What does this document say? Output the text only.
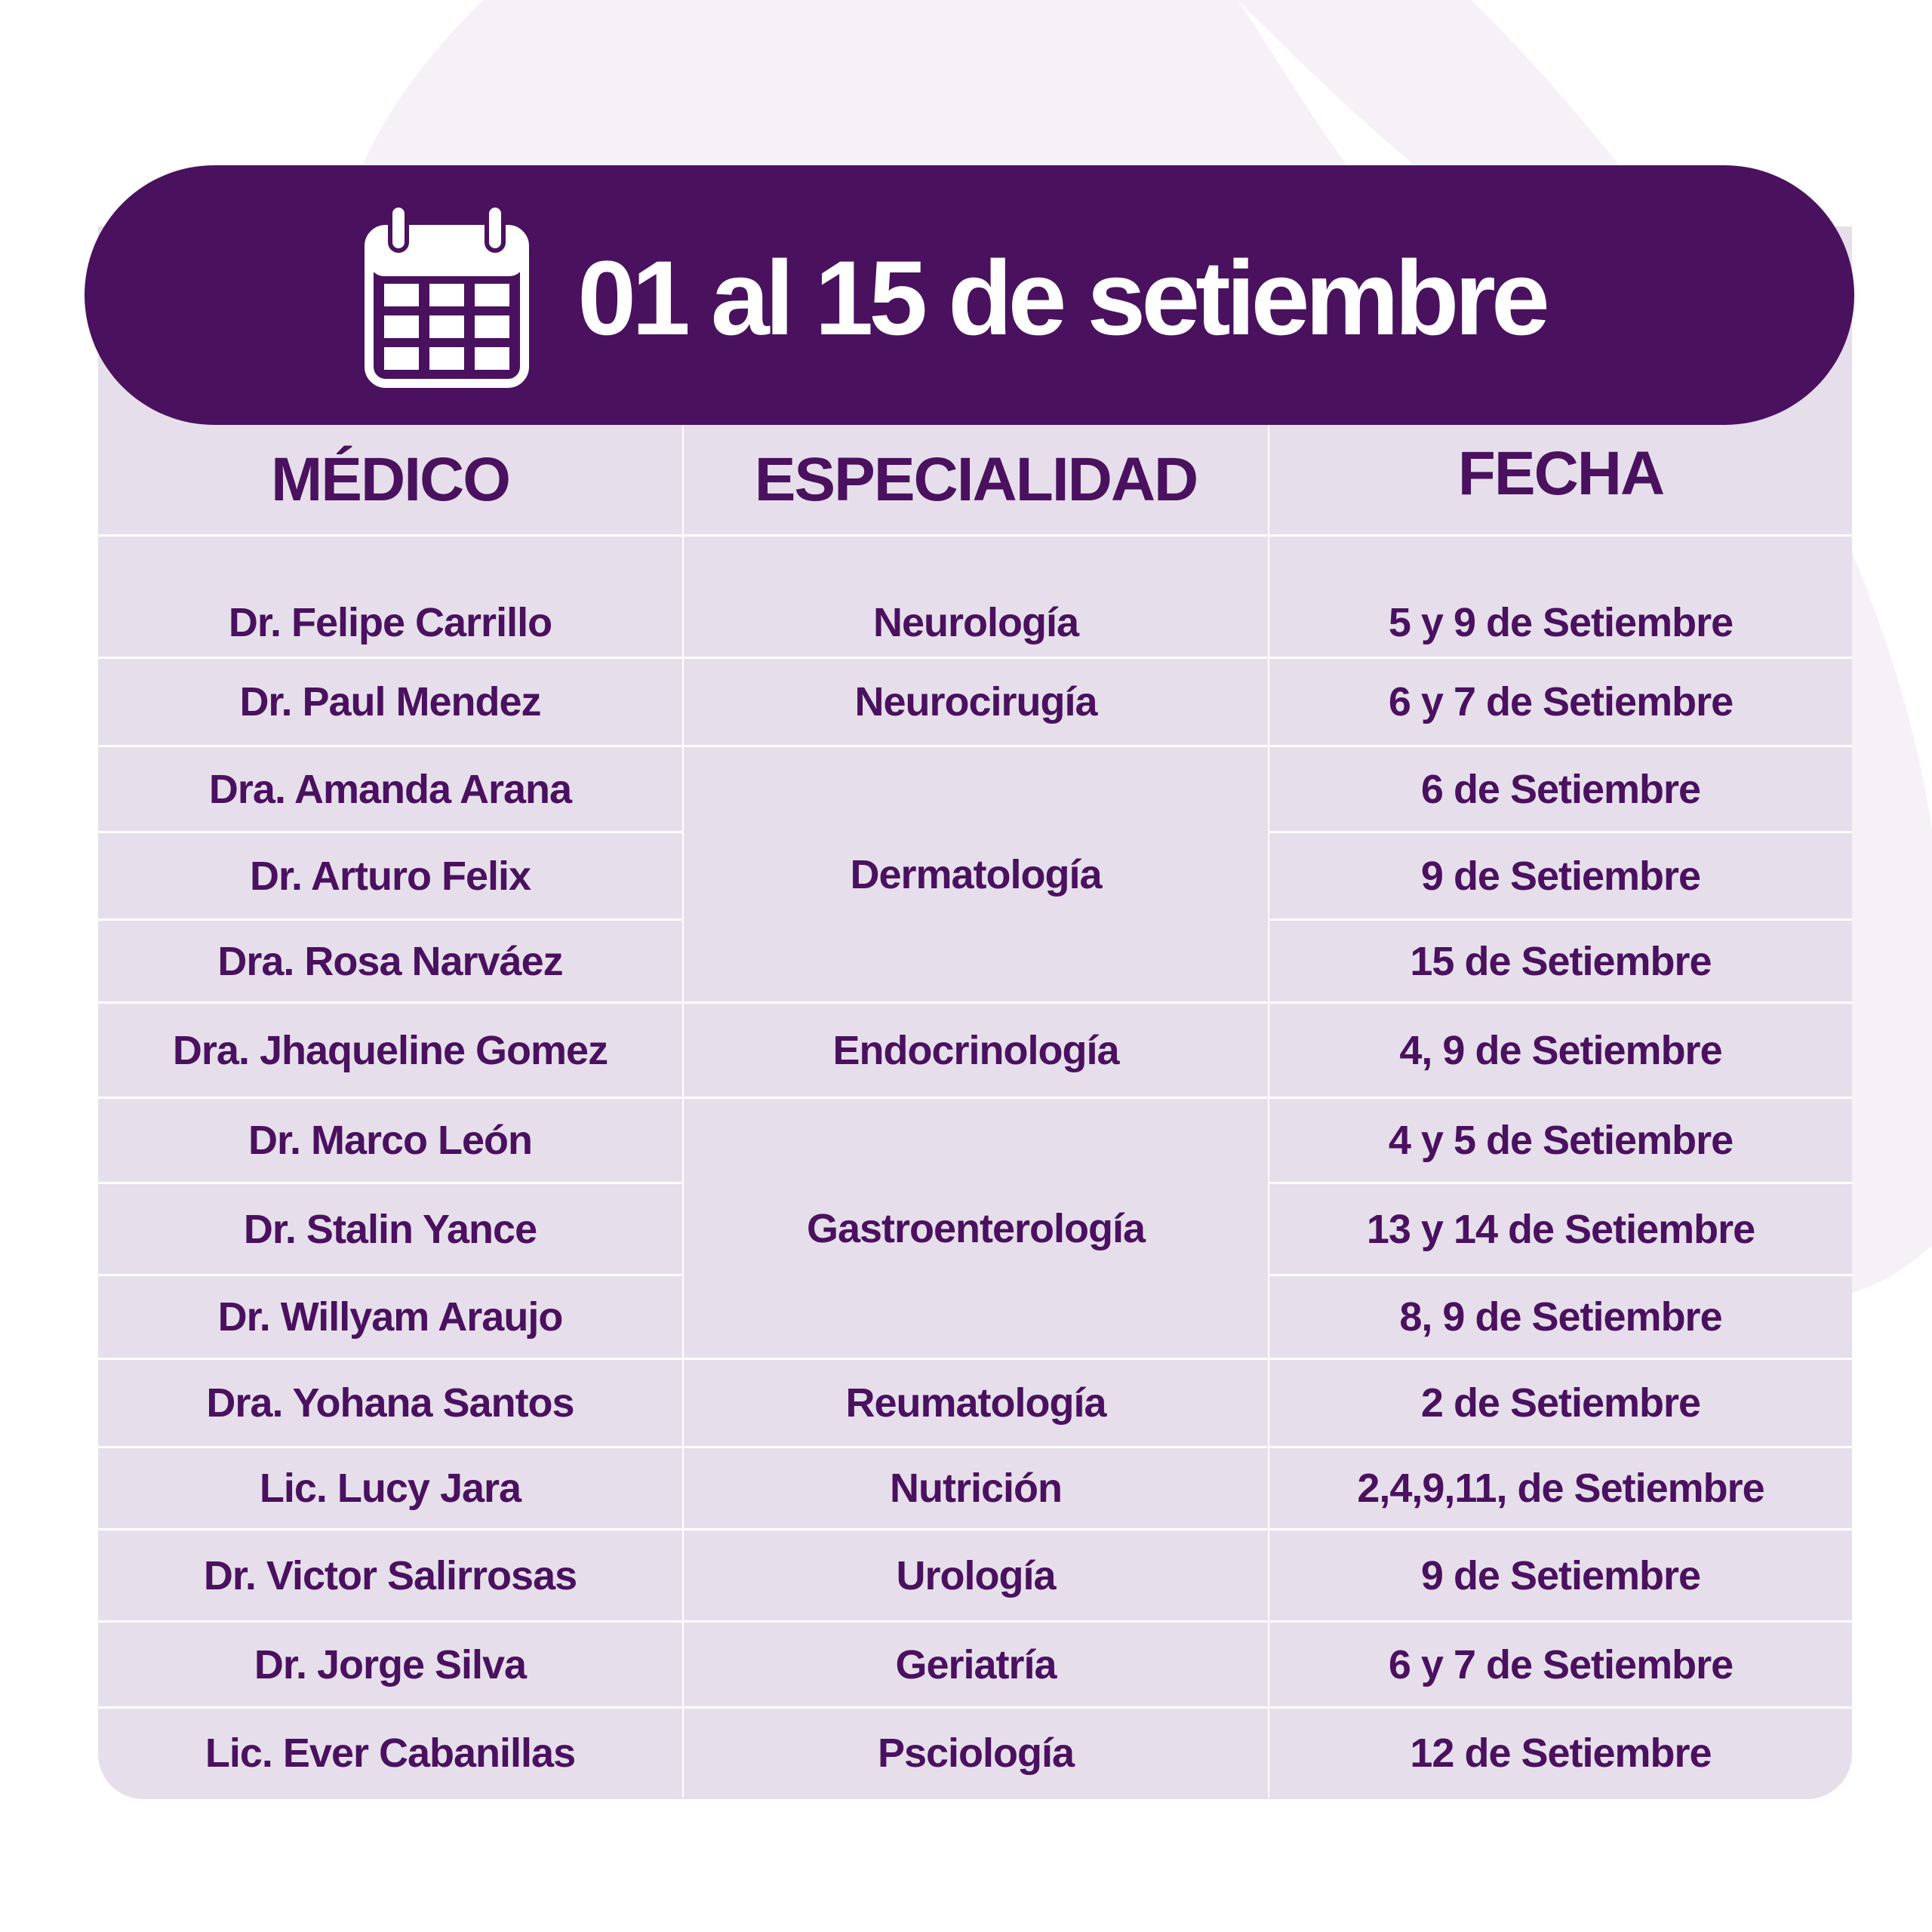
01 al 15 de setiembre
MÉDICO	ESPECIALIDAD	FECHA
Dr. Felipe Carrillo
Dr. Paul Mendez
Dra. Amanda Arana
Dr. Arturo Felix
Dra. Rosa Narváez
Dra. Jhaqueline Gomez
Dr. Marco León
Dr. Stalin Yance
Dr. Willyam Araujo
Dra. Yohana Santos
Lic. Lucy Jara
Dr. Victor Salirrosas
Dr. Jorge Silva
Lic. Ever Cabanillas
Neurología
Neurocirugía
Dermatología
Endocrinología
Gastroenterología
Reumatología
Nutrición
Urología
Geriatría
Psciología
5 y 9 de Setiembre
6 y 7 de Setiembre
6 de Setiembre
9 de Setiembre
15 de Setiembre
4, 9 de Setiembre
4 y 5 de Setiembre
13 y 14 de Setiembre
8, 9 de Setiembre
2 de Setiembre
2,4,9,11, de Setiembre
9 de Setiembre
6 y 7 de Setiembre
12 de Setiembre
